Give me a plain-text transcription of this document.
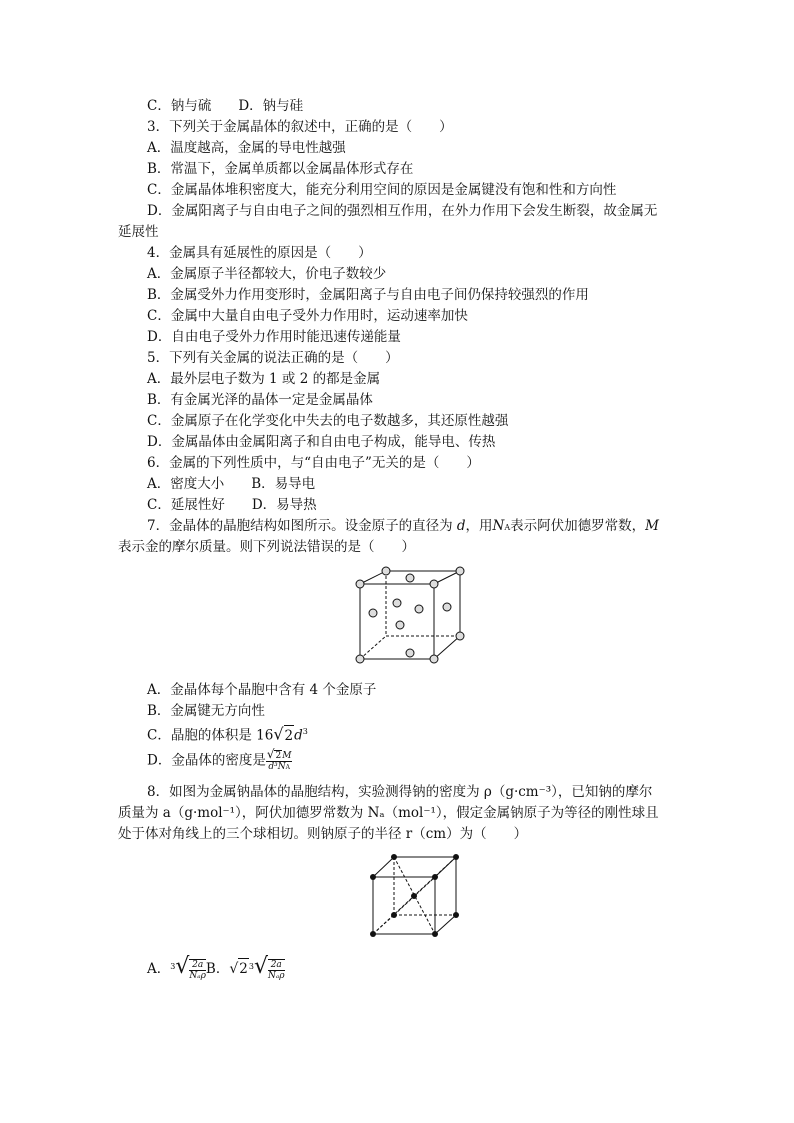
C．钠与硫　　D．钠与硅
3．下列关于金属晶体的叙述中，正确的是（　　）
A．温度越高，金属的导电性越强
B．常温下，金属单质都以金属晶体形式存在
C．金属晶体堆积密度大，能充分利用空间的原因是金属键没有饱和性和方向性
D．金属阳离子与自由电子之间的强烈相互作用，在外力作用下会发生断裂，故金属无
延展性
4．金属具有延展性的原因是（　　）
A．金属原子半径都较大，价电子数较少
B．金属受外力作用变形时，金属阳离子与自由电子间仍保持较强烈的作用
C．金属中大量自由电子受外力作用时，运动速率加快
D．自由电子受外力作用时能迅速传递能量
5．下列有关金属的说法正确的是（　　）
A．最外层电子数为 1 或 2 的都是金属
B．有金属光泽的晶体一定是金属晶体
C．金属原子在化学变化中失去的电子数越多，其还原性越强
D．金属晶体由金属阳离子和自由电子构成，能导电、传热
6．金属的下列性质中，与“自由电子”无关的是（　　）
A．密度大小　　B．易导电
C．延展性好　　D．易导热
7．金晶体的晶胞结构如图所示。设金原子的直径为 d，用NA表示阿伏加德罗常数，M
表示金的摩尔质量。则下列说法错误的是（　　）
A．金晶体每个晶胞中含有 4 个金原子
B．金属键无方向性
C．晶胞的体积是 $16√2d^3$
D．金晶体的密度是 $\frac{√2M}{\text{d³NA}}$
8．如图为金属钠晶体的晶胞结构，实验测得钠的密度为 ρ（g·cm⁻³），已知钠的摩尔
质量为 a（g·mol⁻¹），阿伏加德罗常数为 Nₐ（mol⁻¹），假定金属钠原子为等径的刚性球且
处于体对角线上的三个球相切。则钠原子的半径 r（cm）为（　　）
A．$^3√ \frac{2a}{\text{Nₐρ}}$ B．$√2^3√ \frac{2a}{\text{Nₐρ}}$
